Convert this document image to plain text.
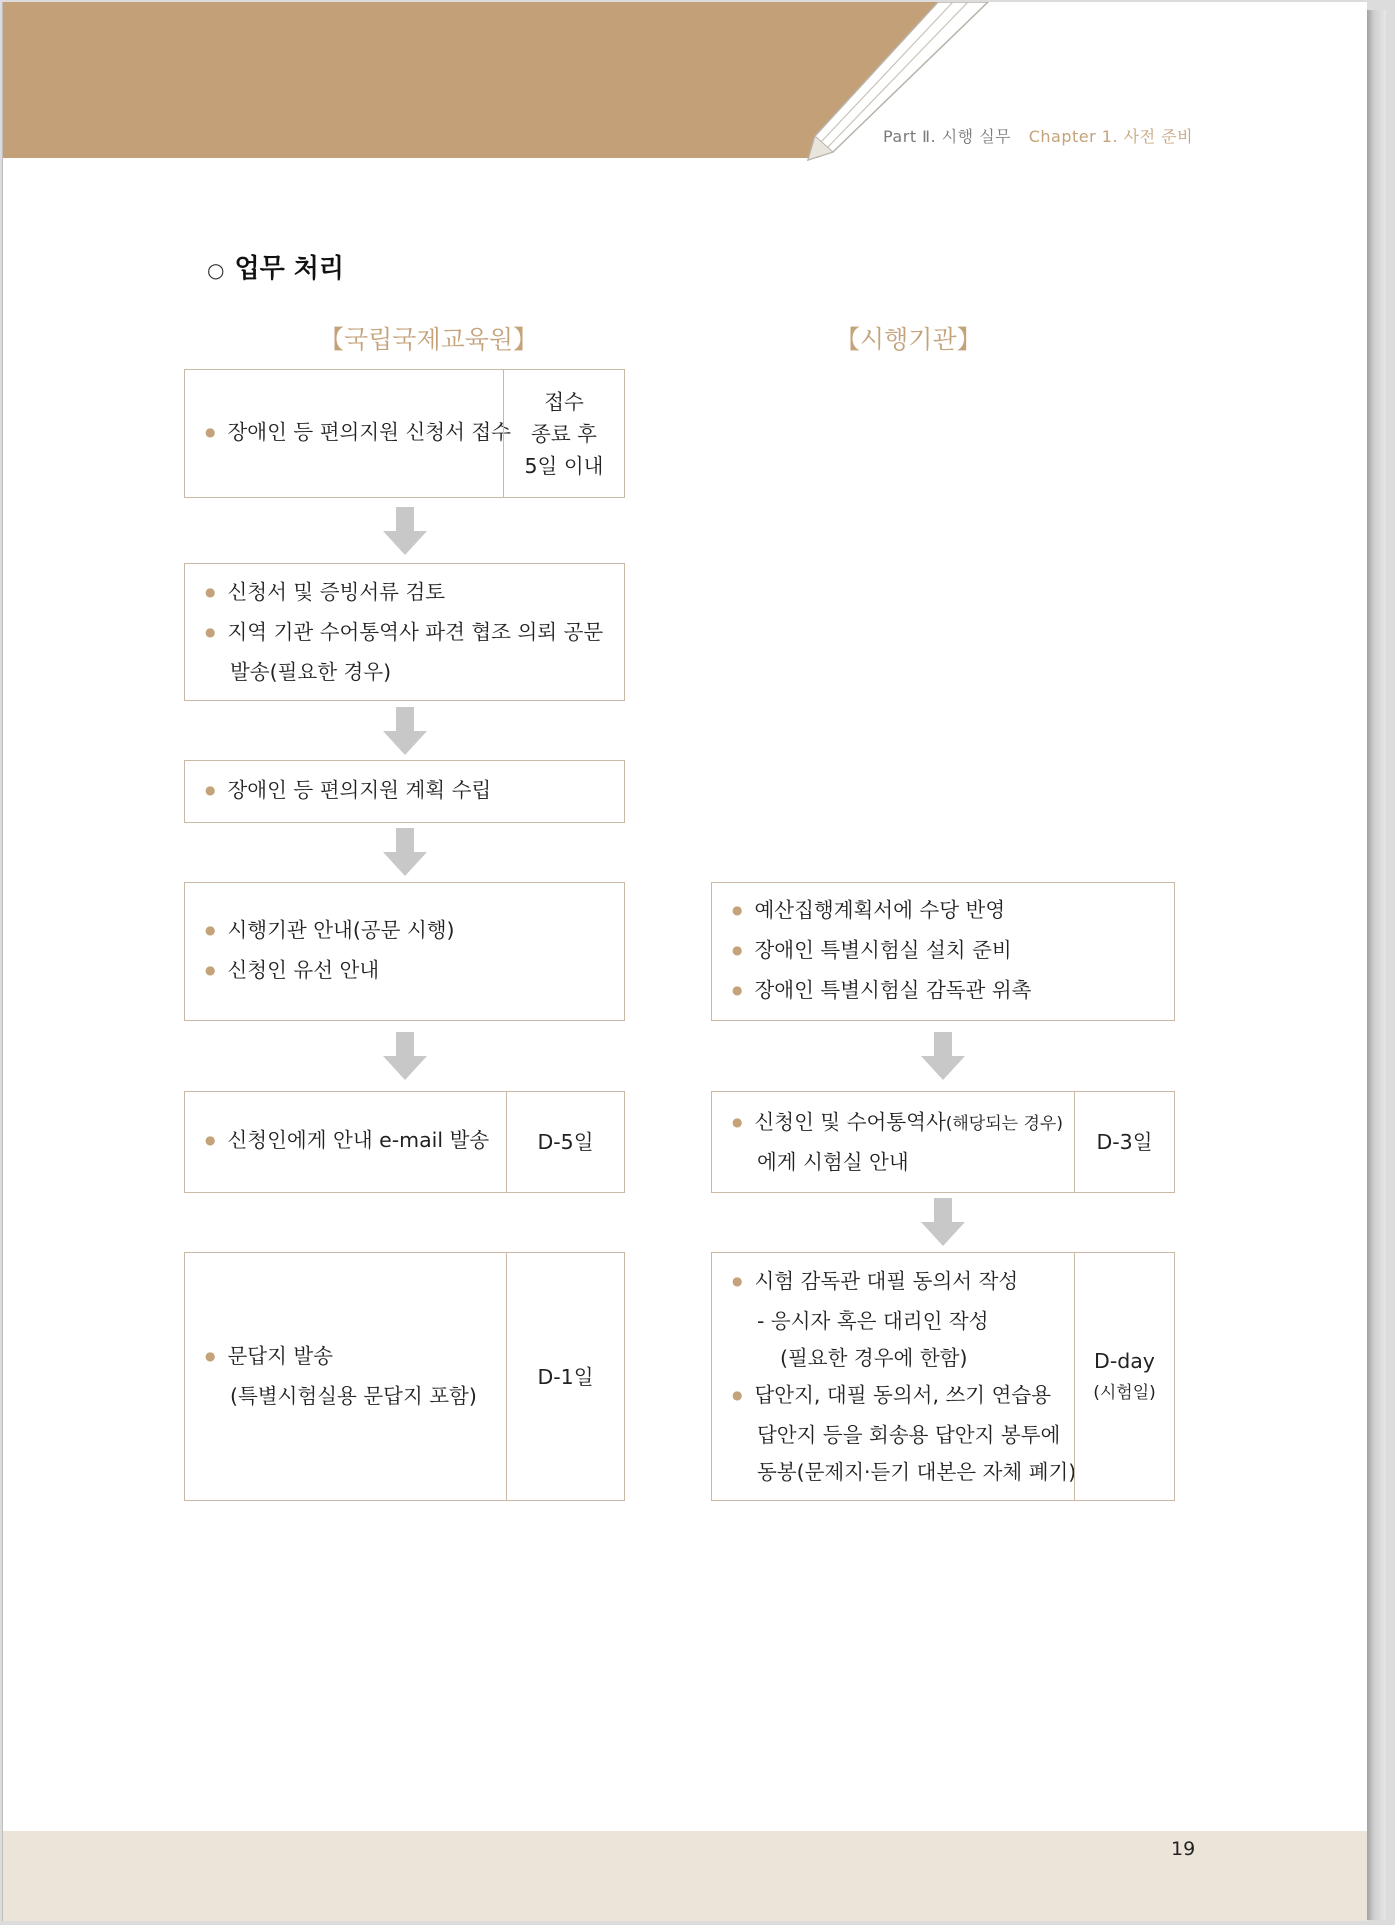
Part Ⅱ. 시행 실무 Chapter 1. 사전 준비
○ 업무 처리
【국립국제교육원】	【시행기관】
● 장애인 등 편의지원 신청서 접수
접수
종료 후
5일 이내
● 신청서 및 증빙서류 검토
● 지역 기관 수어통역사 파견 협조 의뢰 공문
발송(필요한 경우)
● 장애인 등 편의지원 계획 수립
● 시행기관 안내(공문 시행)
● 신청인 유선 안내
● 신청인에게 안내 e-mail 발송	D-5일
● 문답지 발송
(특별시험실용 문답지 포함)
D-1일
● 예산집행계획서에 수당 반영
● 장애인 특별시험실 설치 준비
● 장애인 특별시험실 감독관 위촉
● 신청인 및 수어통역사(해당되는 경우)
에게 시험실 안내
D-3일
● 시험 감독관 대필 동의서 작성
- 응시자 혹은 대리인 작성
(필요한 경우에 한함)
● 답안지, 대필 동의서, 쓰기 연습용
답안지 등을 회송용 답안지 봉투에
동봉(문제지·듣기 대본은 자체 폐기)
D-day
(시험일)
19
